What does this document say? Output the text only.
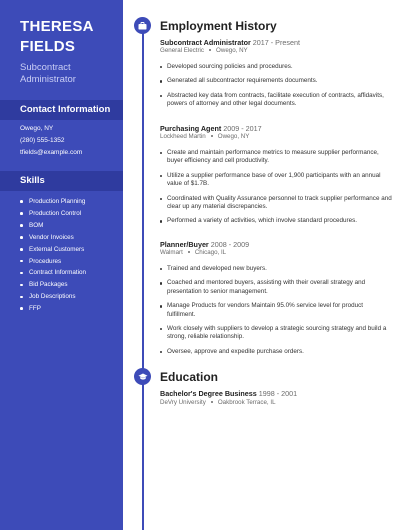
THERESA
FIELDS
Subcontract
Administrator
Contact Information
Owego, NY
(280) 555-1352
tfields@example.com
Skills
Production Planning
Production Control
BOM
Vendor Invoices
External Customers
Procedures
Contract Information
Bid Packages
Job Descriptions
FFP
Employment History
Subcontract Administrator 2017 - Present
General Electric Owego, NY
Developed sourcing policies and procedures.
Generated all subcontractor requirements documents.
Abstracted key data from contracts, facilitate execution of contracts, affidavits, powers of attorney and other legal documents.
Purchasing Agent 2009 - 2017
Lockheed Martin Owego, NY
Create and maintain performance metrics to measure supplier performance, buyer efficiency and cell productivity.
Utilize a supplier performance base of over 1,900 participants with an annual value of $1.7B.
Coordinated with Quality Assurance personnel to track supplier performance and clear up any material discrepancies.
Performed a variety of activities, which involve standard procedures.
Planner/Buyer 2008 - 2009
Walmart Chicago, IL
Trained and developed new buyers.
Coached and mentored buyers, assisting with their overall strategy and presentation to senior management.
Manage Products for vendors Maintain 95.0% service level for product fulfillment.
Work closely with suppliers to develop a strategic sourcing strategy and build a strong, reliable relationship.
Oversee, approve and expedite purchase orders.
Education
Bachelor's Degree Business 1998 - 2001
DeVry University Oakbrook Terrace, IL
